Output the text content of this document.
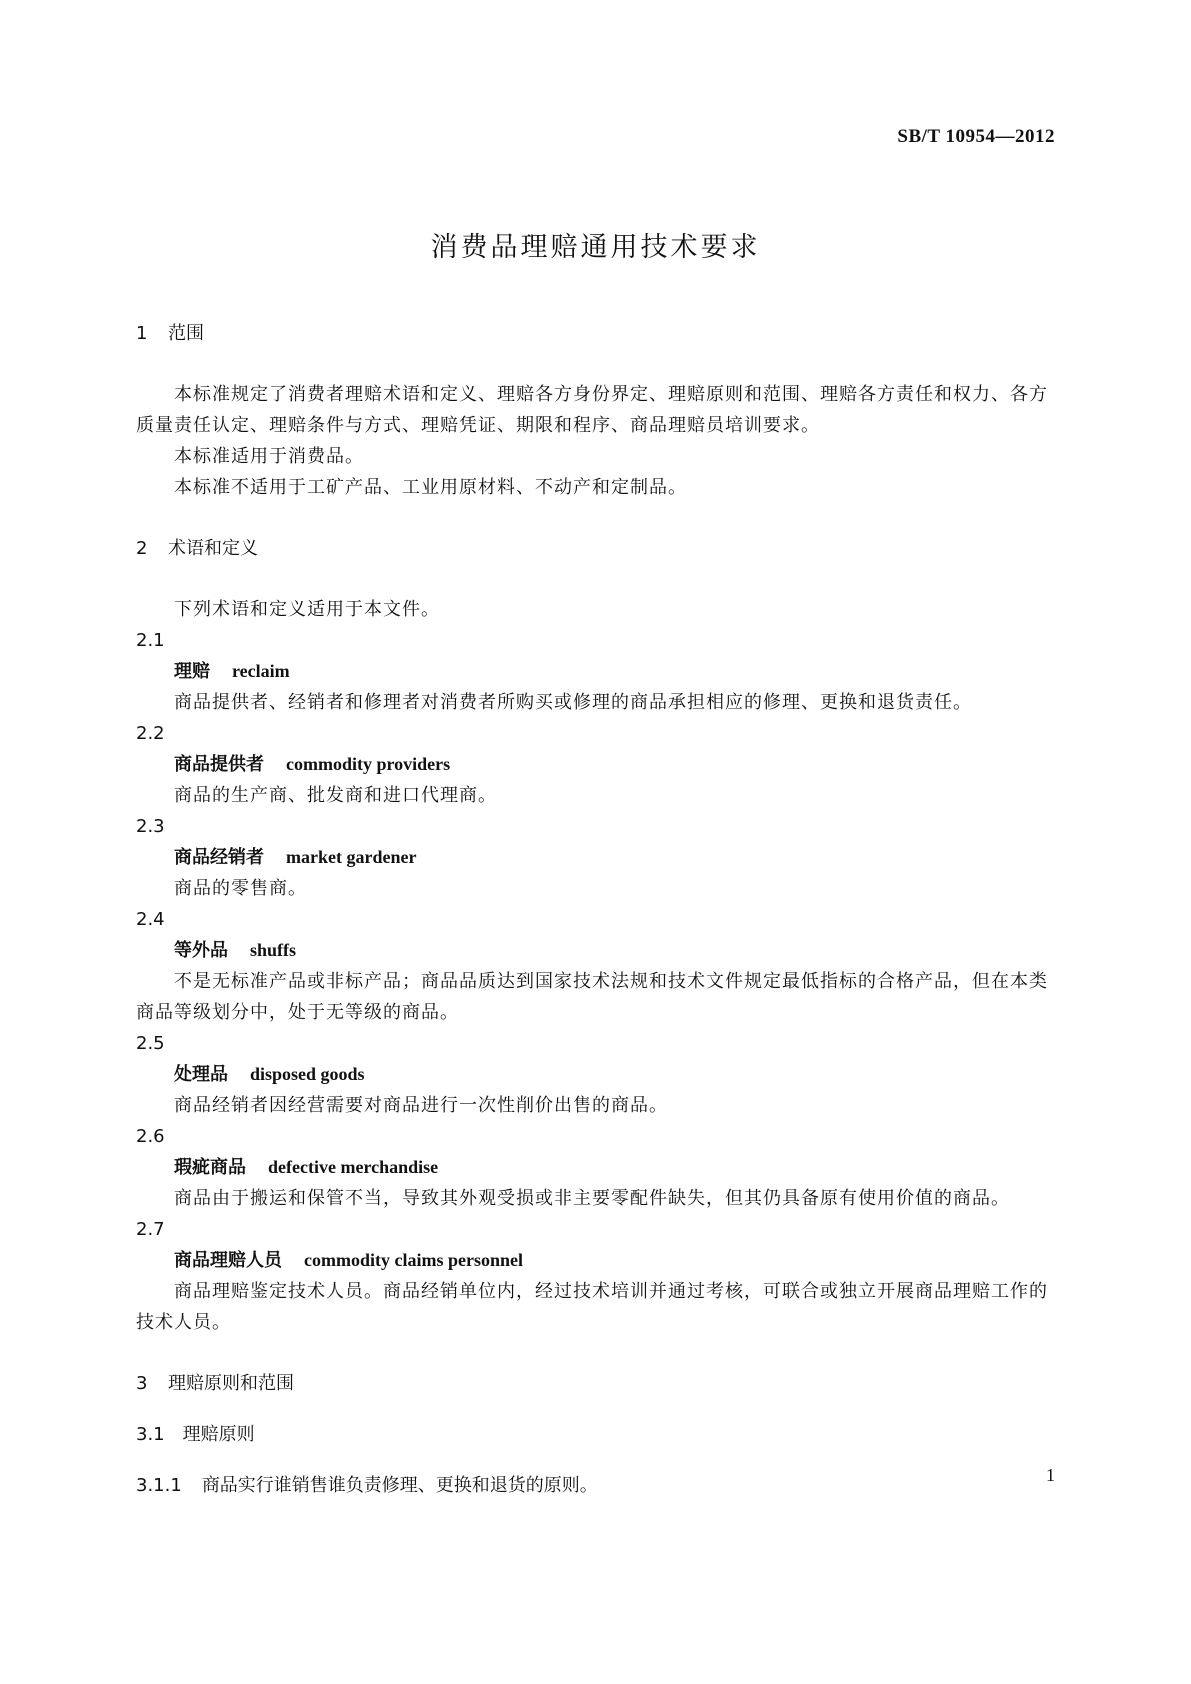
SB/T 10954—2012
消费品理赔通用技术要求

1 范围

本标准规定了消费者理赔术语和定义、理赔各方身份界定、理赔原则和范围、理赔各方责任和权力、各方质量责任认定、理赔条件与方式、理赔凭证、期限和程序、商品理赔员培训要求。

本标准适用于消费品。

本标准不适用于工矿产品、工业用原材料、不动产和定制品。

2 术语和定义

下列术语和定义适用于本文件。

2.1

理赔 reclaim

商品提供者、经销者和修理者对消费者所购买或修理的商品承担相应的修理、更换和退货责任。

2.2

商品提供者 commodity providers

商品的生产商、批发商和进口代理商。

2.3

商品经销者 market gardener

商品的零售商。

2.4

等外品 shuffs

不是无标准产品或非标产品；商品品质达到国家技术法规和技术文件规定最低指标的合格产品，但在本类商品等级划分中，处于无等级的商品。

2.5

处理品 disposed goods

商品经销者因经营需要对商品进行一次性削价出售的商品。

2.6

瑕疵商品 defective merchandise

商品由于搬运和保管不当，导致其外观受损或非主要零配件缺失，但其仍具备原有使用价值的商品。

2.7

商品理赔人员 commodity claims personnel

商品理赔鉴定技术人员。商品经销单位内，经过技术培训并通过考核，可联合或独立开展商品理赔工作的技术人员。

3 理赔原则和范围

3.1 理赔原则

3.1.1 商品实行谁销售谁负责修理、更换和退货的原则。	1
